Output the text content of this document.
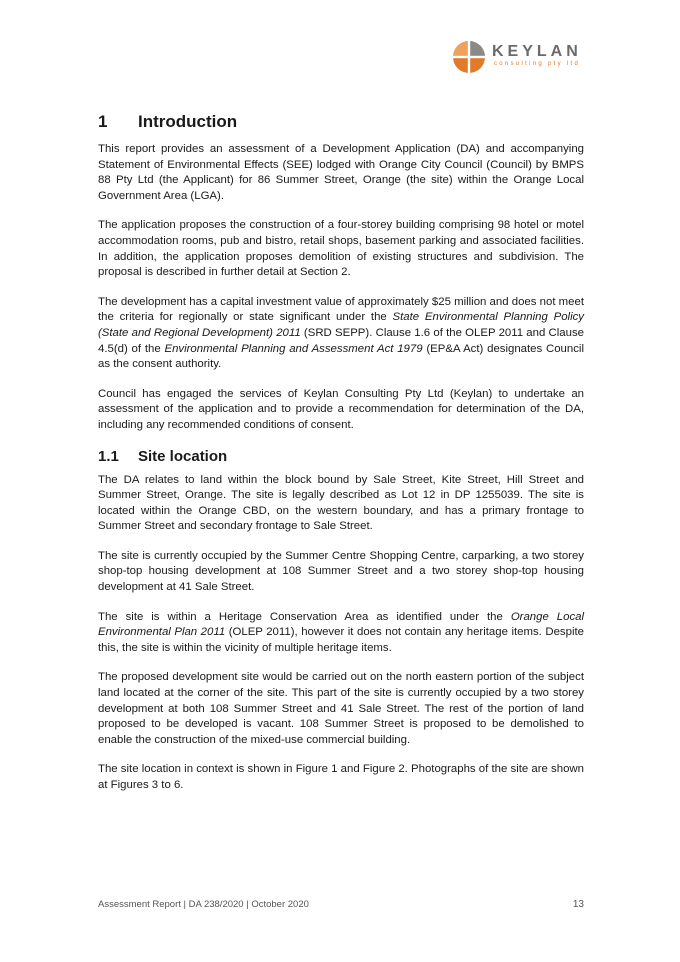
KEYLAN
consulting pty ltd
1	Introduction

This report provides an assessment of a Development Application (DA) and accompanying Statement of Environmental Effects (SEE) lodged with Orange City Council (Council) by BMPS 88 Pty Ltd (the Applicant) for 86 Summer Street, Orange (the site) within the Orange Local Government Area (LGA).

The application proposes the construction of a four-storey building comprising 98 hotel or motel accommodation rooms, pub and bistro, retail shops, basement parking and associated facilities. In addition, the application proposes demolition of existing structures and subdivision. The proposal is described in further detail at Section 2.

The development has a capital investment value of approximately $25 million and does not meet the criteria for regionally or state significant under the State Environmental Planning Policy (State and Regional Development) 2011 (SRD SEPP). Clause 1.6 of the OLEP 2011 and Clause 4.5(d) of the Environmental Planning and Assessment Act 1979 (EP&A Act) designates Council as the consent authority.

Council has engaged the services of Keylan Consulting Pty Ltd (Keylan) to undertake an assessment of the application and to provide a recommendation for determination of the DA, including any recommended conditions of consent.

1.1	Site location

The DA relates to land within the block bound by Sale Street, Kite Street, Hill Street and Summer Street, Orange. The site is legally described as Lot 12 in DP 1255039. The site is located within the Orange CBD, on the western boundary, and has a primary frontage to Summer Street and secondary frontage to Sale Street.

The site is currently occupied by the Summer Centre Shopping Centre, carparking, a two storey shop-top housing development at 108 Summer Street and a two storey shop-top housing development at 41 Sale Street.

The site is within a Heritage Conservation Area as identified under the Orange Local Environmental Plan 2011 (OLEP 2011), however it does not contain any heritage items. Despite this, the site is within the vicinity of multiple heritage items.

The proposed development site would be carried out on the north eastern portion of the subject land located at the corner of the site. This part of the site is currently occupied by a two storey development at both 108 Summer Street and 41 Sale Street. The rest of the portion of land proposed to be developed is vacant. 108 Summer Street is proposed to be demolished to enable the construction of the mixed-use commercial building.

The site location in context is shown in Figure 1 and Figure 2. Photographs of the site are shown at Figures 3 to 6.

Assessment Report | DA 238/2020 | October 2020	13
